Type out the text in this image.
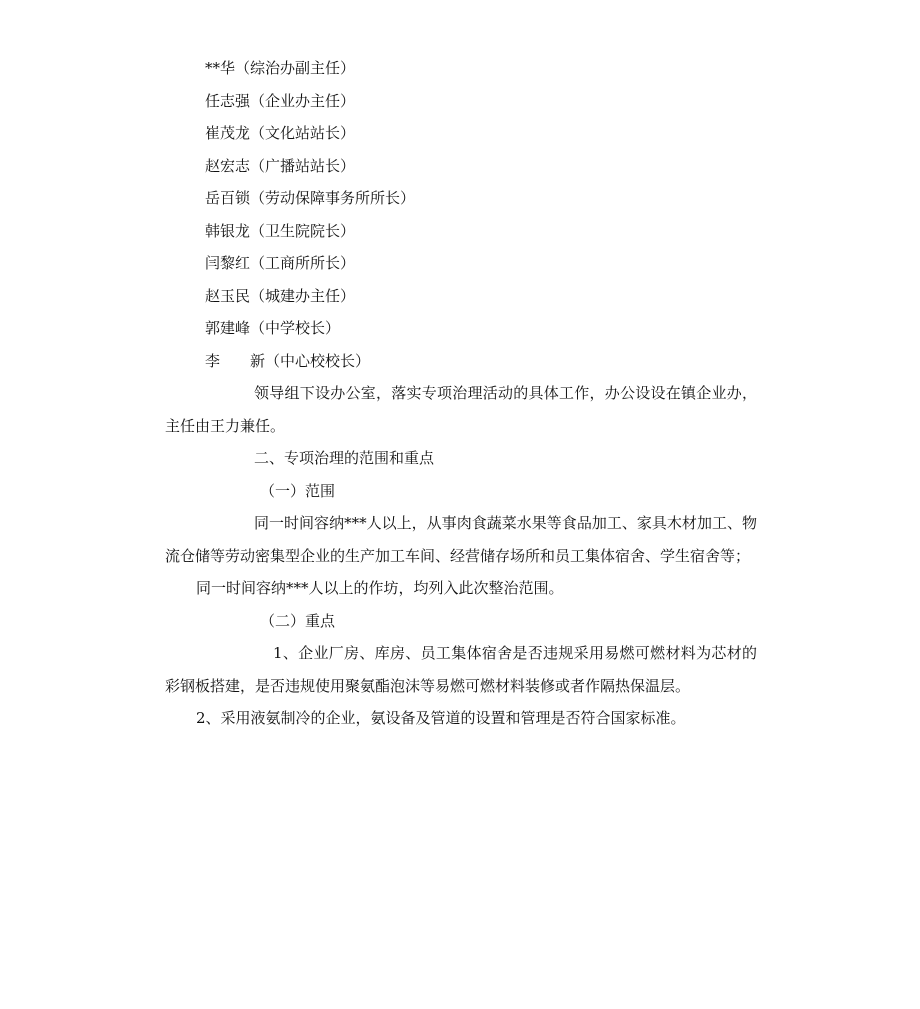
**华（综治办副主任）

任志强（企业办主任）

崔茂龙（文化站站长）

赵宏志（广播站站长）

岳百锁（劳动保障事务所所长）

韩银龙（卫生院院长）

闫黎红（工商所所长）

赵玉民（城建办主任）

郭建峰（中学校长）

李 新（中心校校长）

领导组下设办公室，落实专项治理活动的具体工作，办公设设在镇企业办，主任由王力兼任。

二、专项治理的范围和重点

（一）范围

同一时间容纳***人以上，从事肉食蔬菜水果等食品加工、家具木材加工、物流仓储等劳动密集型企业的生产加工车间、经营储存场所和员工集体宿舍、学生宿舍等；

同一时间容纳***人以上的作坊，均列入此次整治范围。

（二）重点

1、企业厂房、库房、员工集体宿舍是否违规采用易燃可燃材料为芯材的彩钢板搭建，是否违规使用聚氨酯泡沫等易燃可燃材料装修或者作隔热保温层。

2、采用液氨制冷的企业，氨设备及管道的设置和管理是否符合国家标准。
